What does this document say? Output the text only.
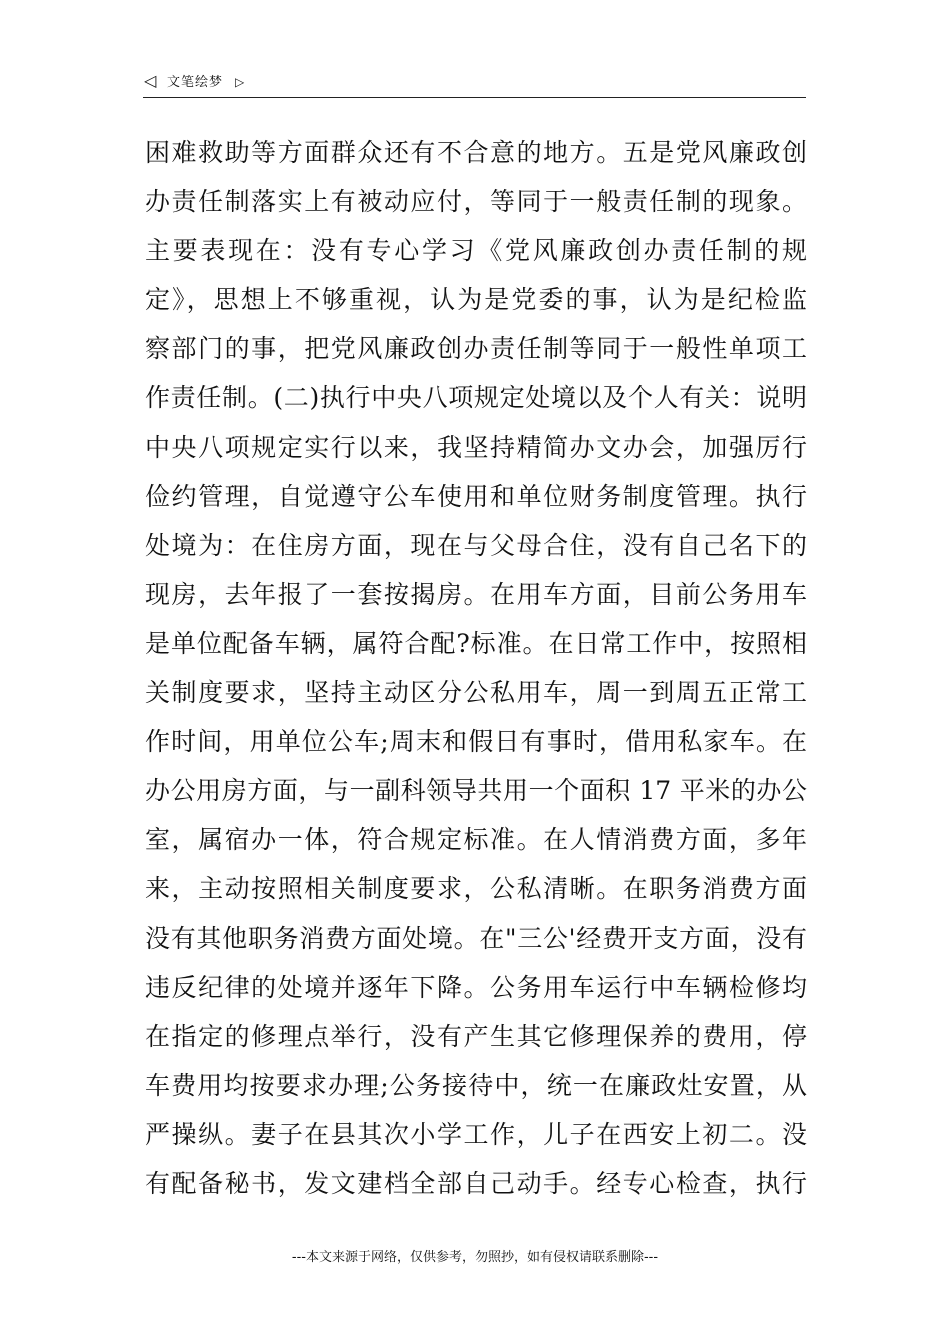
◁ 文笔绘梦 ▷
困难救助等方面群众还有不合意的地方。五是党风廉政创
办责任制落实上有被动应付，等同于一般责任制的现象。
主要表现在：没有专心学习《党风廉政创办责任制的规
定》，思想上不够重视，认为是党委的事，认为是纪检监
察部门的事，把党风廉政创办责任制等同于一般性单项工
作责任制。(二)执行中央八项规定处境以及个人有关：说明
中央八项规定实行以来，我坚持精简办文办会，加强厉行
俭约管理，自觉遵守公车使用和单位财务制度管理。执行
处境为：在住房方面，现在与父母合住，没有自己名下的
现房，去年报了一套按揭房。在用车方面，目前公务用车
是单位配备车辆，属符合配?标准。在日常工作中，按照相
关制度要求，坚持主动区分公私用车，周一到周五正常工
作时间，用单位公车;周末和假日有事时，借用私家车。在
办公用房方面，与一副科领导共用一个面积 17 平米的办公
室，属宿办一体，符合规定标准。在人情消费方面，多年
来，主动按照相关制度要求，公私清晰。在职务消费方面
没有其他职务消费方面处境。在"三公'经费开支方面，没有
违反纪律的处境并逐年下降。公务用车运行中车辆检修均
在指定的修理点举行，没有产生其它修理保养的费用，停
车费用均按要求办理;公务接待中，统一在廉政灶安置，从
严操纵。妻子在县其次小学工作，儿子在西安上初二。没
有配备秘书，发文建档全部自己动手。经专心检查，执行
---本文来源于网络，仅供参考，勿照抄，如有侵权请联系删除---
